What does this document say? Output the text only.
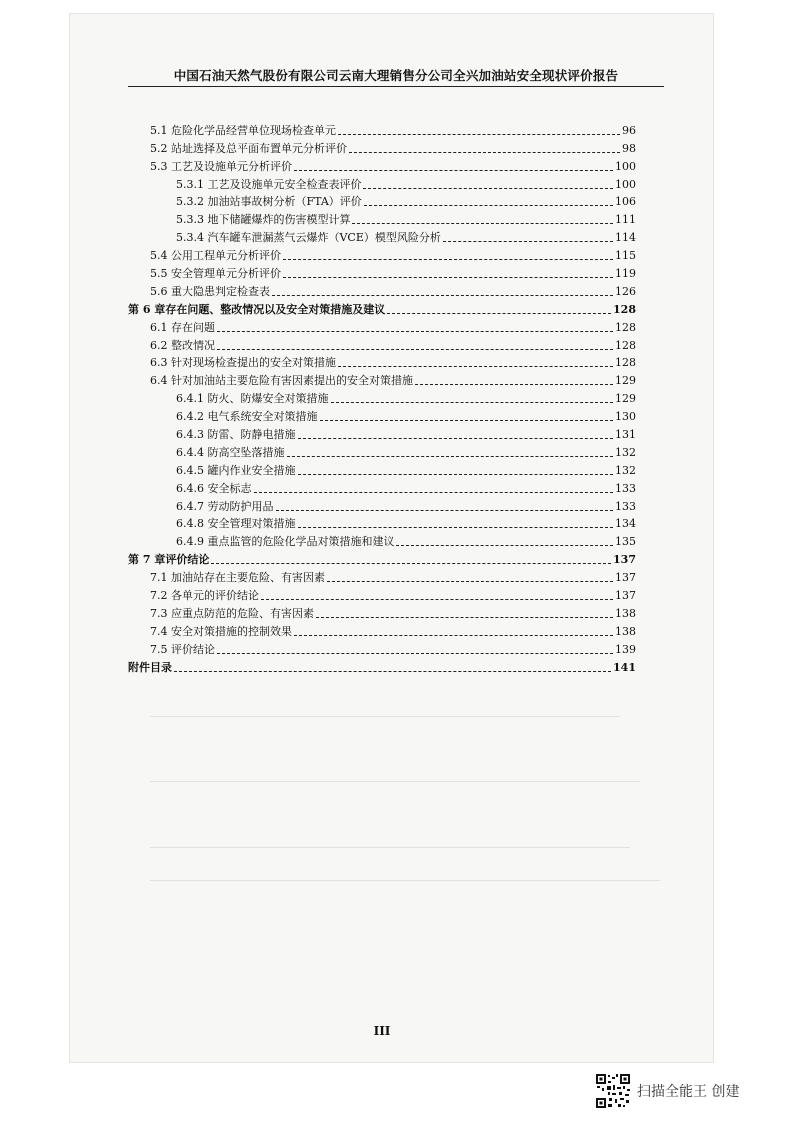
中国石油天然气股份有限公司云南大理销售分公司全兴加油站安全现状评价报告
5.1 危险化学品经营单位现场检查单元	96
5.2 站址选择及总平面布置单元分析评价	98
5.3 工艺及设施单元分析评价	100
5.3.1 工艺及设施单元安全检查表评价	100
5.3.2 加油站事故树分析（FTA）评价	106
5.3.3 地下储罐爆炸的伤害模型计算	111
5.3.4 汽车罐车泄漏蒸气云爆炸（VCE）模型风险分析	114
5.4 公用工程单元分析评价	115
5.5 安全管理单元分析评价	119
5.6 重大隐患判定检查表	126
第 6 章存在问题、整改情况以及安全对策措施及建议	128
6.1 存在问题	128
6.2 整改情况	128
6.3 针对现场检查提出的安全对策措施	128
6.4 针对加油站主要危险有害因素提出的安全对策措施	129
6.4.1 防火、防爆安全对策措施	129
6.4.2 电气系统安全对策措施	130
6.4.3 防雷、防静电措施	131
6.4.4 防高空坠落措施	132
6.4.5 罐内作业安全措施	132
6.4.6 安全标志	133
6.4.7 劳动防护用品	133
6.4.8 安全管理对策措施	134
6.4.9 重点监管的危险化学品对策措施和建议	135
第 7 章评价结论	137
7.1 加油站存在主要危险、有害因素	137
7.2 各单元的评价结论	137
7.3 应重点防范的危险、有害因素	138
7.4 安全对策措施的控制效果	138
7.5 评价结论	139
附件目录	141
III
扫描全能王 创建
